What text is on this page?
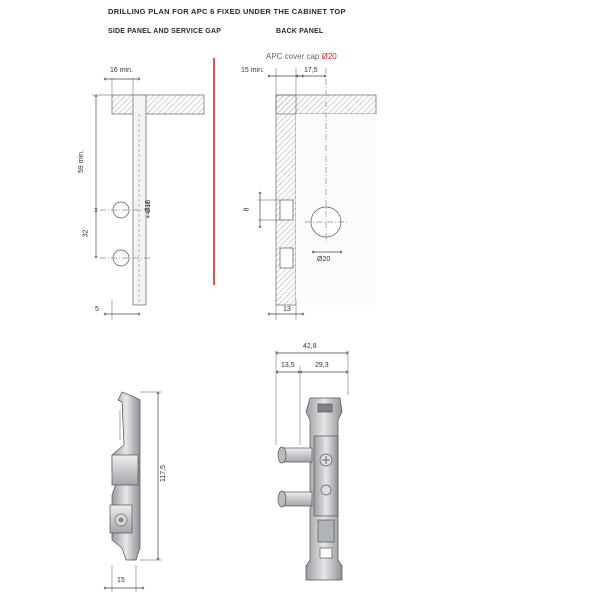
DRILLING PLAN FOR APC 6 FIXED UNDER THE CABINET TOP
SIDE PANEL AND SERVICE GAP	BACK PANEL
16 min.
59 min.
32
Ø15
5
APC cover cap Ø20
15 min.	17,5
8
Ø20
13
117,5
15
42,8
13,5	29,3
